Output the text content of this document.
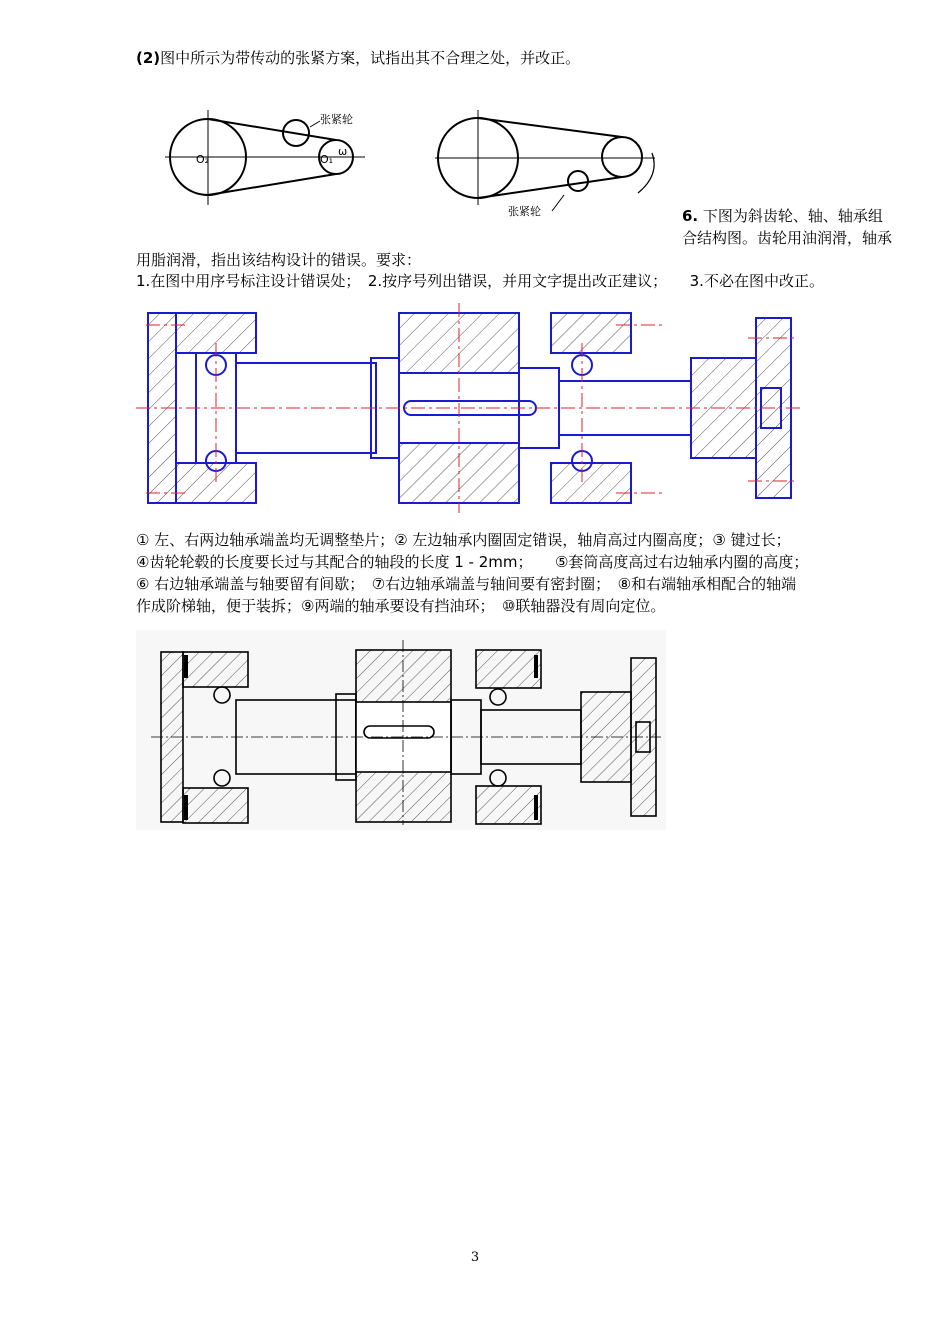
(2)图中所示为带传动的张紧方案，试指出其不合理之处，并改正。
O₂	O₁
ω
张紧轮
张紧轮	6. 下图为斜齿轮、轴、轴承组
合结构图。齿轮用油润滑，轴承
用脂润滑，指出该结构设计的错误。要求：
1.在图中用序号标注设计错误处；　2.按序号列出错误，并用文字提出改正建议；　　3.不必在图中改正。
① 左、右两边轴承端盖均无调整垫片；② 左边轴承内圈固定错误，轴肩高过内圈高度；③ 键过长；
④齿轮轮毂的长度要长过与其配合的轴段的长度 1 - 2mm；　　⑤套筒高度高过右边轴承内圈的高度；
⑥ 右边轴承端盖与轴要留有间歇；　⑦右边轴承端盖与轴间要有密封圈；　⑧和右端轴承相配合的轴端
作成阶梯轴，便于装拆；⑨两端的轴承要设有挡油环；　⑩联轴器没有周向定位。
3
